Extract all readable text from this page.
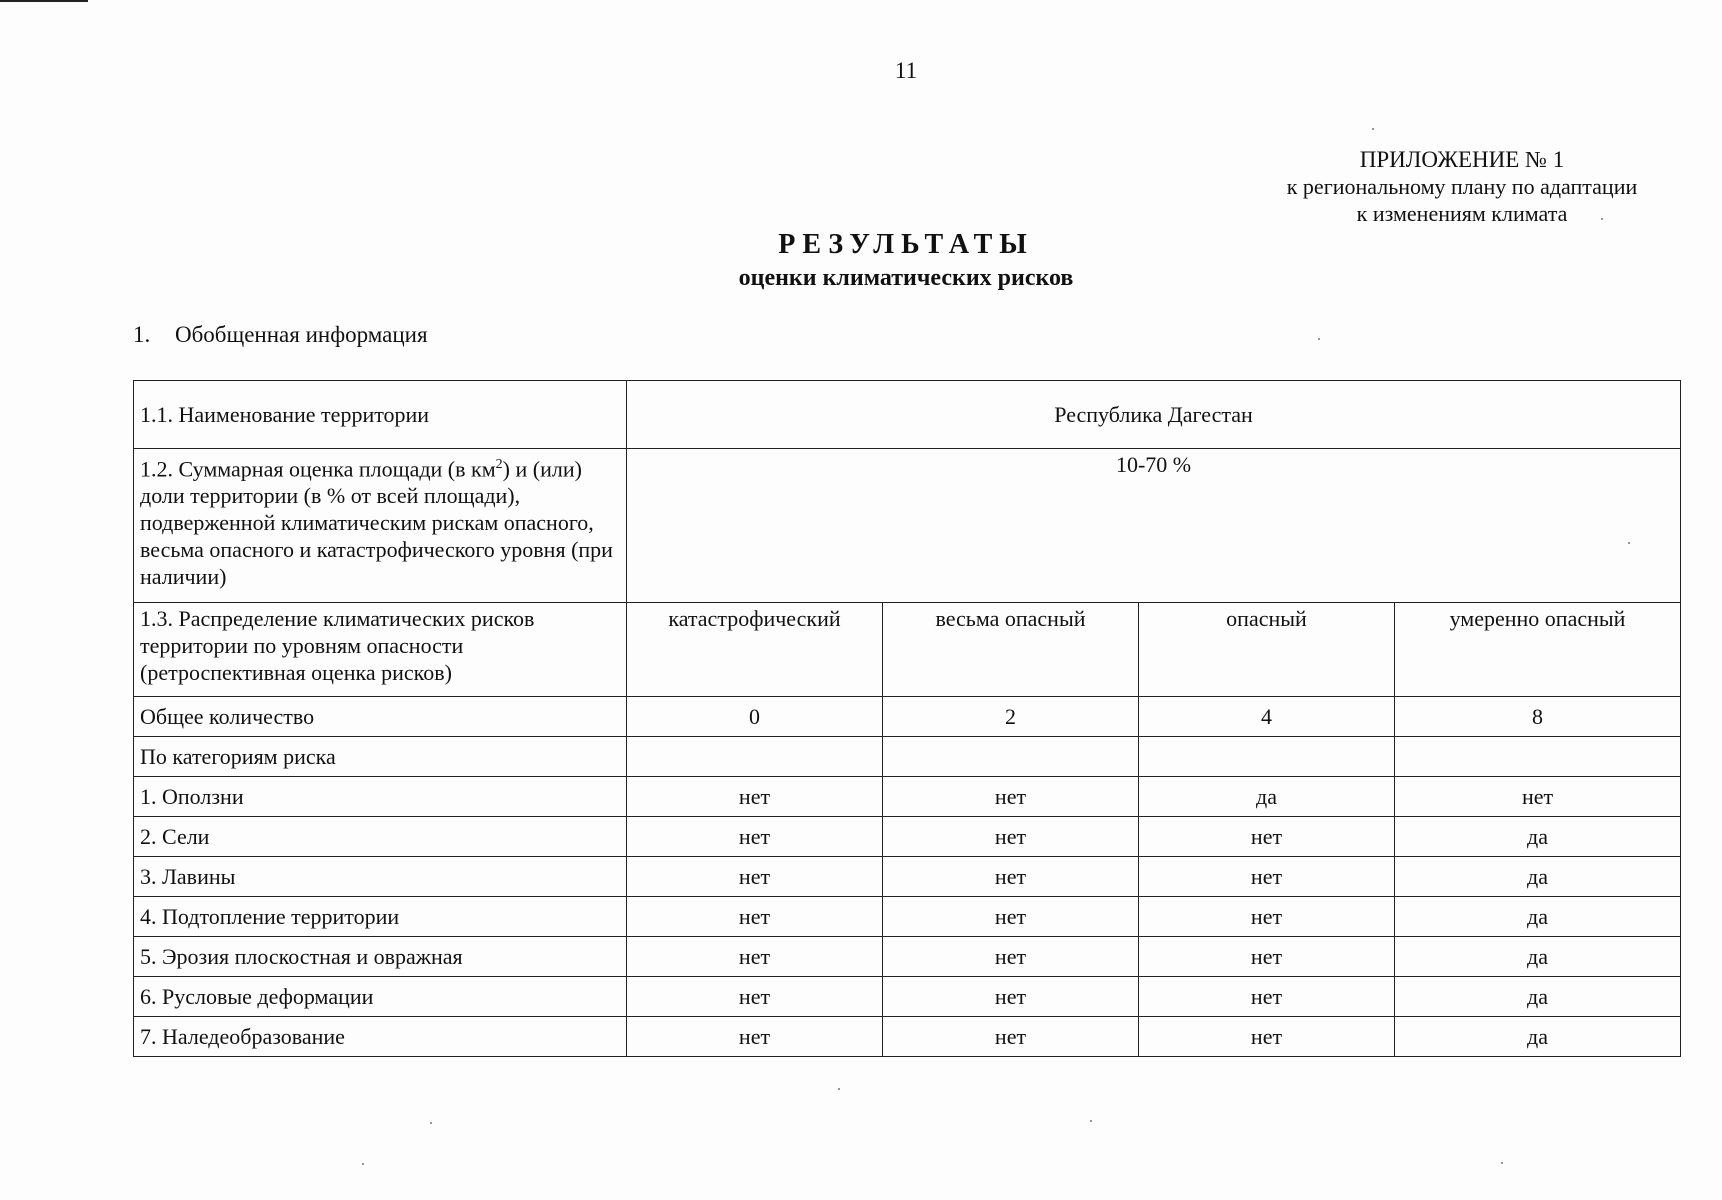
11
ПРИЛОЖЕНИЕ № 1
к региональному плану по адаптации
к изменениям климата
РЕЗУЛЬТАТЫ
оценки климатических рисков
1. Обобщенная информация
1.1. Наименование территории	Республика Дагестан			
1.2. Суммарная оценка площади (в $км^2$) и (или) доли территории (в % от всей площади), подверженной климатическим рискам опасного, весьма опасного и катастрофического уровня (при наличии)	10-70 %			
1.3. Распределение климатических рисков территории по уровням опасности (ретроспективная оценка рисков)	катастрофический	весьма опасный	опасный	умеренно опасный
Общее количество	0	2	4	8
По категориям риска				
1. Оползни	нет	нет	да	нет
2. Сели	нет	нет	нет	да
3. Лавины	нет	нет	нет	да
4. Подтопление территории	нет	нет	нет	да
5. Эрозия плоскостная и овражная	нет	нет	нет	да
6. Русловые деформации	нет	нет	нет	да
7. Наледеобразование	нет	нет	нет	да
